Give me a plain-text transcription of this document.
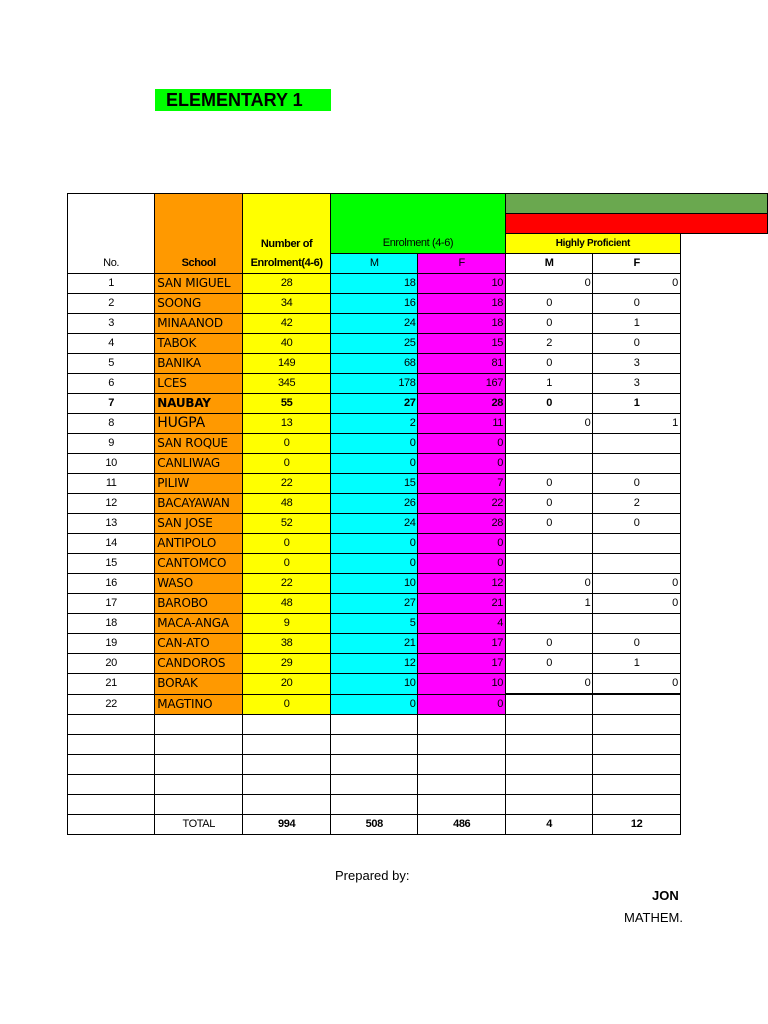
ELEMENTARY 1

		Number of	Enrolment (4-6)		Highly Proficient		
No.	School	Enrolment(4-6)	M	F	M	F	
1	SAN MIGUEL	28	18	10	0	0	
2	SOONG	34	16	18	0	0	
3	MINAANOD	42	24	18	0	1	
4	TABOK	40	25	15	2	0	
5	BANIKA	149	68	81	0	3	
6	LCES	345	178	167	1	3	
7	NAUBAY	55	27	28	0	1	
8	HUGPA	13	2	11	0	1	
9	SAN ROQUE	0	0	0			
10	CANLIWAG	0	0	0			
11	PILIW	22	15	7	0	0	
12	BACAYAWAN	48	26	22	0	2	
13	SAN JOSE	52	24	28	0	0	
14	ANTIPOLO	0	0	0			
15	CANTOMCO	0	0	0			
16	WASO	22	10	12	0	0	
17	BAROBO	48	27	21	1	0	
18	MACA-ANGA	9	5	4			
19	CAN-ATO	38	21	17	0	0	
20	CANDOROS	29	12	17	0	1	
21	BORAK	20	10	10	0	0	
22	MAGTINO	0	0	0			

	TOTAL	994	508	486	4	12	
Prepared by:
JON
MATHEM.
